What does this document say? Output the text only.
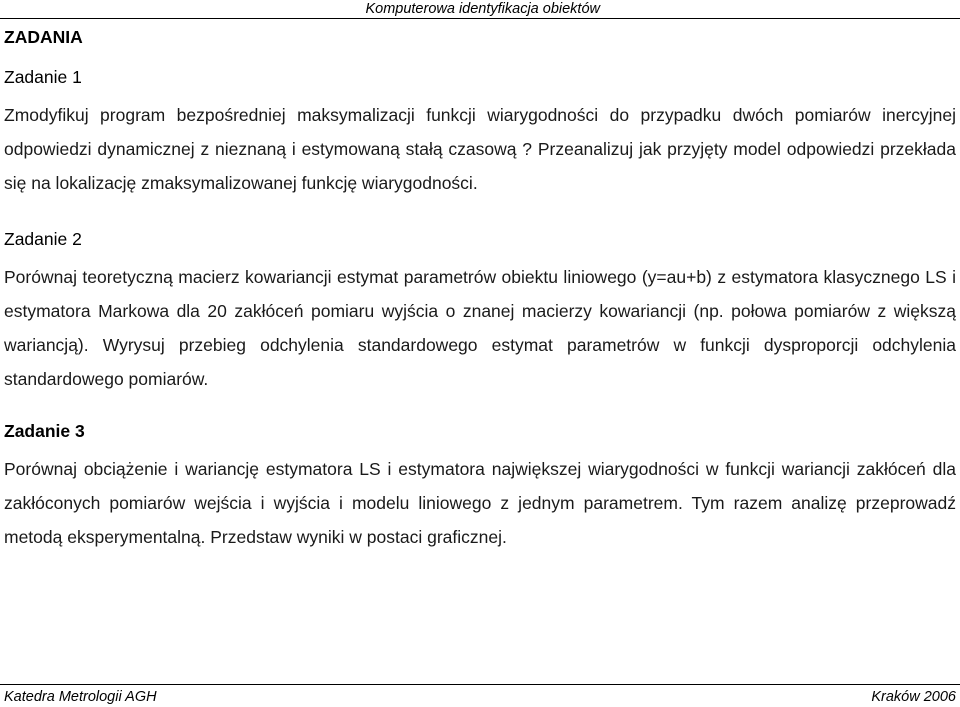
Komputerowa identyfikacja obiektów
ZADANIA
Zadanie 1

Zmodyfikuj program bezpośredniej maksymalizacji funkcji wiarygodności do przypadku dwóch pomiarów inercyjnej odpowiedzi dynamicznej z nieznaną i estymowaną stałą czasową ? Przeanalizuj jak przyjęty model odpowiedzi przekłada się na lokalizację zmaksymalizowanej funkcję wiarygodności.

Zadanie 2

Porównaj teoretyczną macierz kowariancji estymat parametrów obiektu liniowego (y=au+b) z estymatora klasycznego LS i estymatora Markowa dla 20 zakłóceń pomiaru wyjścia o znanej macierzy kowariancji (np. połowa pomiarów z większą wariancją). Wyrysuj przebieg odchylenia standardowego estymat parametrów w funkcji dysproporcji odchylenia standardowego pomiarów.

Zadanie 3

Porównaj obciążenie i wariancję estymatora LS i estymatora największej wiarygodności w funkcji wariancji zakłóceń dla zakłóconych pomiarów wejścia i wyjścia i modelu liniowego z jednym parametrem. Tym razem analizę przeprowadź metodą eksperymentalną. Przedstaw wyniki w postaci graficznej.

Katedra Metrologii AGH	Kraków 2006
